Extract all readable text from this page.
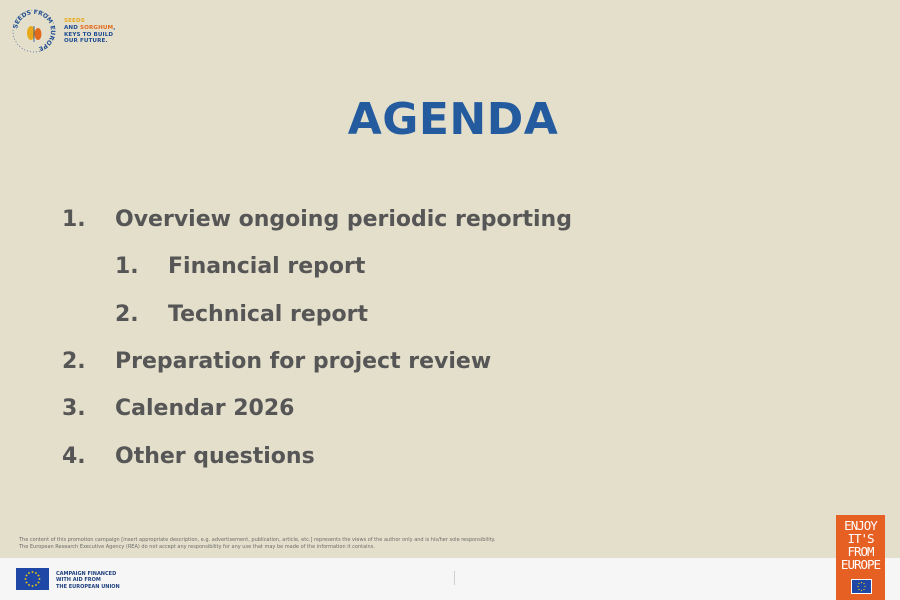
SEEDS FROM EUROPE
SEEDS
AND SORGHUM,
KEYS TO BUILD
OUR FUTURE.
AGENDA
1. Overview ongoing periodic reporting
1. Financial report
2. Technical report
2. Preparation for project review
3. Calendar 2026
4. Other questions
The content of this promotion campaign [insert appropriate description, e.g. advertisement, publication, article, etc.] represents the views of the author only and is his/her sole responsibility.
The European Research Executive Agency (REA) do not accept any responsibility for any use that may be made of the information it contains.
CAMPAIGN FINANCED
WITH AID FROM
THE EUROPEAN UNION
ENJOY
IT'S FROM
EUROPE
